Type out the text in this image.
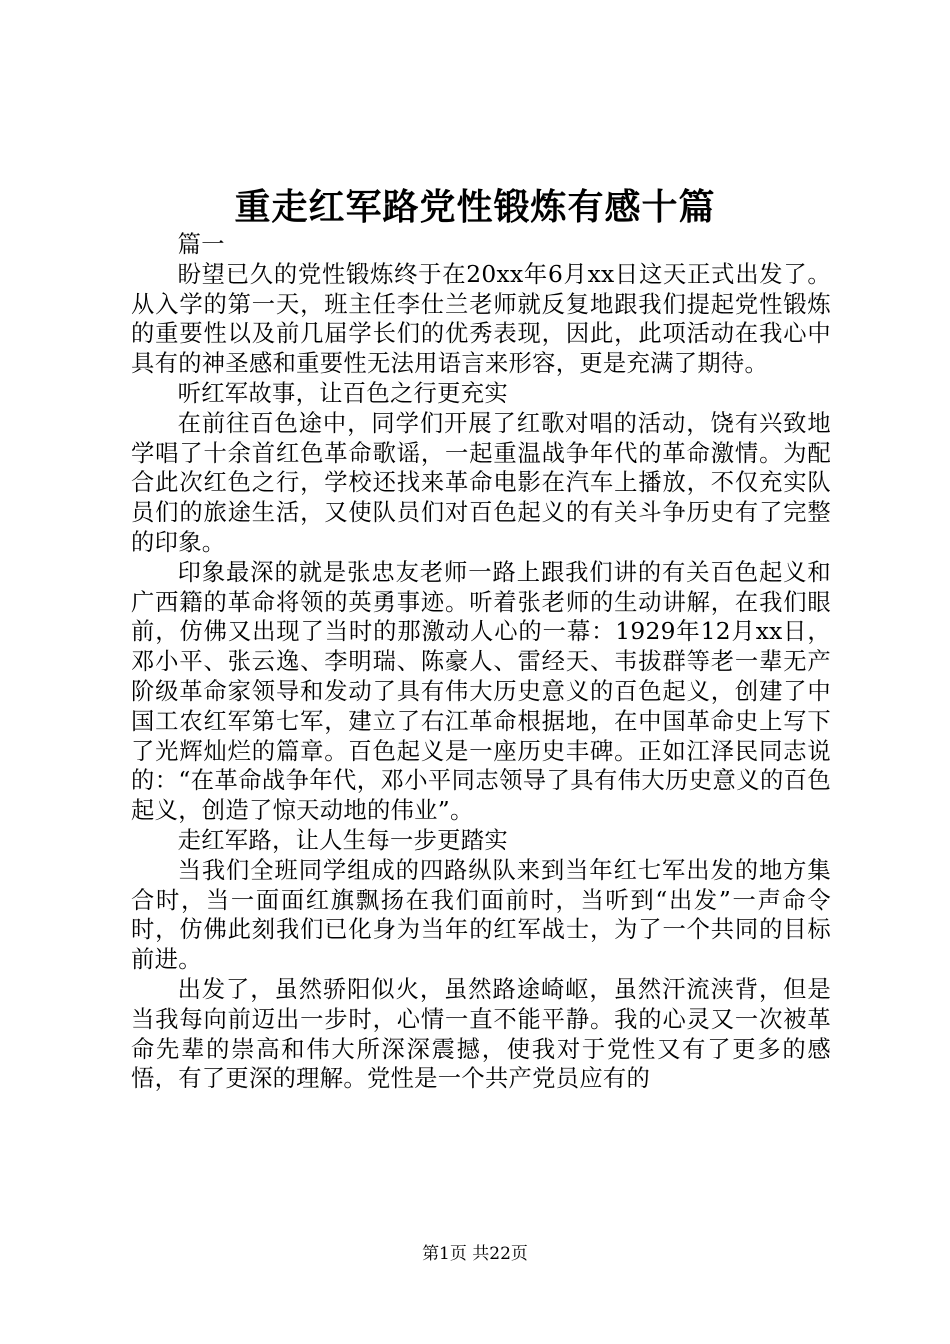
重走红军路党性锻炼有感十篇

篇一

盼望已久的党性锻炼终于在20xx年6月xx日这天正式出发了。从入学的第一天，班主任李仕兰老师就反复地跟我们提起党性锻炼的重要性以及前几届学长们的优秀表现，因此，此项活动在我心中具有的神圣感和重要性无法用语言来形容，更是充满了期待。

听红军故事，让百色之行更充实

在前往百色途中，同学们开展了红歌对唱的活动，饶有兴致地学唱了十余首红色革命歌谣，一起重温战争年代的革命激情。为配合此次红色之行，学校还找来革命电影在汽车上播放，不仅充实队员们的旅途生活，又使队员们对百色起义的有关斗争历史有了完整的印象。

印象最深的就是张忠友老师一路上跟我们讲的有关百色起义和广西籍的革命将领的英勇事迹。听着张老师的生动讲解，在我们眼前，仿佛又出现了当时的那激动人心的一幕：1929年12月xx日，邓小平、张云逸、李明瑞、陈豪人、雷经天、韦拔群等老一辈无产阶级革命家领导和发动了具有伟大历史意义的百色起义，创建了中国工农红军第七军，建立了右江革命根据地，在中国革命史上写下了光辉灿烂的篇章。百色起义是一座历史丰碑。正如江泽民同志说的：“在革命战争年代，邓小平同志领导了具有伟大历史意义的百色起义，创造了惊天动地的伟业”。

走红军路，让人生每一步更踏实

当我们全班同学组成的四路纵队来到当年红七军出发的地方集合时，当一面面红旗飘扬在我们面前时，当听到“出发”一声命令时，仿佛此刻我们已化身为当年的红军战士，为了一个共同的目标前进。

出发了，虽然骄阳似火，虽然路途崎岖，虽然汗流浃背，但是当我每向前迈出一步时，心情一直不能平静。我的心灵又一次被革命先辈的崇高和伟大所深深震撼，使我对于党性又有了更多的感悟，有了更深的理解。党性是一个共产党员应有的

第1页 共22页
